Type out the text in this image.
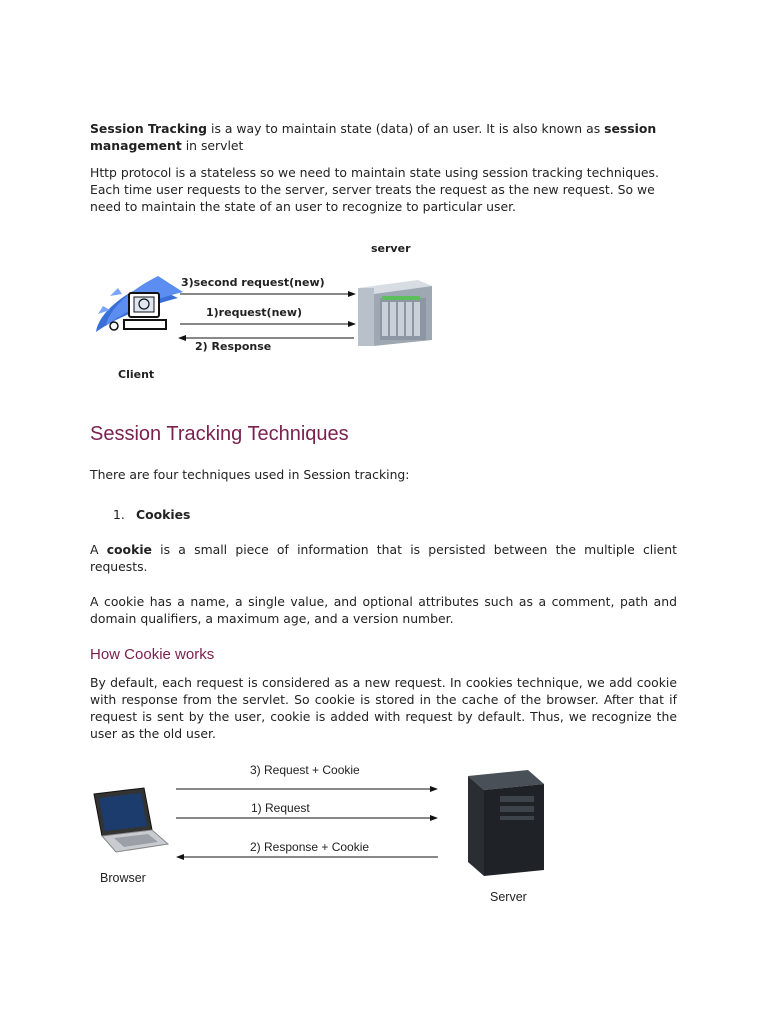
Session Tracking is a way to maintain state (data) of an user. It is also known as session management in servlet

Http protocol is a stateless so we need to maintain state using session tracking techniques. Each time user requests to the server, server treats the request as the new request. So we need to maintain the state of an user to recognize to particular user.

server
3)second request(new)
1)request(new)
2) Response
Client
Session Tracking Techniques

There are four techniques used in Session tracking:

1. Cookies

A cookie is a small piece of information that is persisted between the multiple client requests.

A cookie has a name, a single value, and optional attributes such as a comment, path and domain qualifiers, a maximum age, and a version number.

How Cookie works

By default, each request is considered as a new request. In cookies technique, we add cookie with response from the servlet. So cookie is stored in the cache of the browser. After that if request is sent by the user, cookie is added with request by default. Thus, we recognize the user as the old user.

Browser
3) Request + Cookie
1) Request
2) Response + Cookie
Server
